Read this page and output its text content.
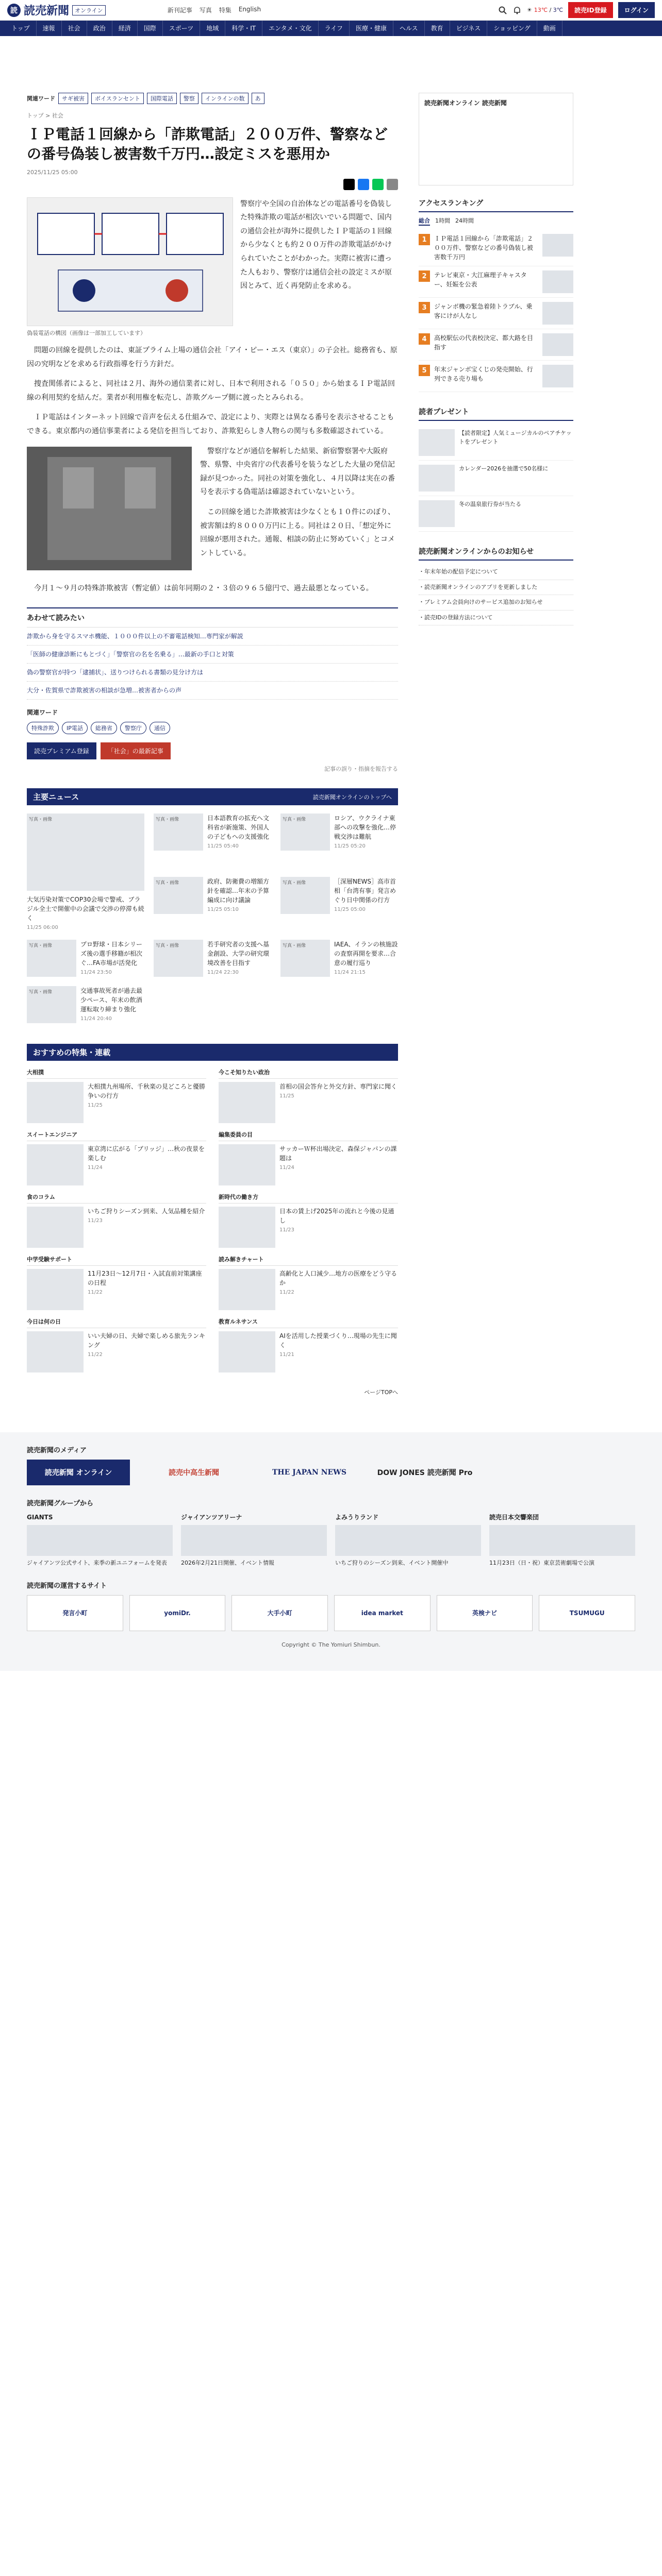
読 読売新聞	オンライン	新刊記事 写真 特集 English	☀ 13℃ / 3℃	読売ID登録	ログイン
トップ	速報	社会	政治	経済	国際	スポーツ	地域	科学・IT	エンタメ・文化	ライフ	医療・健康	ヘルス	教育	ビジネス	ショッピング	動画
関連ワード	サギ被害	ボイスランセント	国際電話	警察	インラインの数	あ
トップ > 社会
ＩＰ電話１回線から「詐欺電話」２００万件、警察などの番号偽装し被害数千万円…設定ミスを悪用か
2025/11/25 05:00
偽装電話の構図（画像は一部加工しています）

警察庁や全国の自治体などの電話番号を偽装した特殊詐欺の電話が相次いでいる問題で、国内の通信会社が海外に提供したＩＰ電話の１回線から少なくとも約２００万件の詐欺電話がかけられていたことがわかった。実際に被害に遭った人もおり、警察庁は通信会社の設定ミスが原因とみて、近く再発防止を求める。

問題の回線を提供したのは、東証プライム上場の通信会社「アイ・ピー・エス（東京）」の子会社。総務省も、原因の究明などを求める行政指導を行う方針だ。

捜査関係者によると、同社は２月、海外の通信業者に対し、日本で利用される「０５０」から始まるＩＰ電話回線の利用契約を結んだ。業者が利用権を転売し、詐欺グループ側に渡ったとみられる。

ＩＰ電話はインターネット回線で音声を伝える仕組みで、設定により、実際とは異なる番号を表示させることもできる。東京都内の通信事業者による発信を担当しており、詐欺犯らしき人物らの関与も多数確認されている。

警察庁などが通信を解析した結果、新宿警察署や大阪府警、県警、中央省庁の代表番号を装うなどした大量の発信記録が見つかった。同社の対策を強化し、４月以降は実在の番号を表示する偽電話は確認されていないという。

この回線を通じた詐欺被害は少なくとも１０件にのぼり、被害額は約８０００万円に上る。同社は２０日、「想定外に回線が悪用された。通報、相談の防止に努めていく」とコメントしている。

今月１～９月の特殊詐欺被害（暫定値）は前年同期の２・３倍の９６５億円で、過去最悪となっている。

あわせて読みたい
詐欺から身を守るスマホ機能、１０００件以上の不審電話検知…専門家が解説
「医師の健康診断にもとづく」「警察官の名を名乗る」…最新の手口と対策
偽の警察官が持つ「逮捕状」、送りつけられる書類の見分け方は
大分・佐賀県で詐欺被害の相談が急増…被害者からの声
関連ワード
特殊詐欺	IP電話	総務省	警察庁	通信
読売プレミアム登録	「社会」の最新記事
記事の誤り・指摘を報告する
主要ニュース	読売新聞オンラインのトップへ
写真・画像
大気汚染対策でCOP30会場で警戒、ブラジル全土で開催中の会議で交渉の停滞も続く
11/25 06:00
写真・画像
日本語教育の拡充へ文科省が新施策、外国人の子どもへの支援強化
11/25 05:40
写真・画像
ロシア、ウクライナ東部への攻撃を強化…停戦交渉は難航
11/25 05:20
写真・画像
政府、防衛費の増額方針を確認…年末の予算編成に向け議論
11/25 05:10
写真・画像
［深層NEWS］高市首相「台湾有事」発言めぐり日中関係の行方
11/25 05:00
写真・画像
プロ野球・日本シリーズ後の選手移籍が相次ぐ…FA市場が活発化
11/24 23:50
写真・画像
若手研究者の支援へ基金創設、大学の研究環境改善を目指す
11/24 22:30
写真・画像
IAEA、イランの核施設の査察再開を要求…合意の履行巡り
11/24 21:15
写真・画像
交通事故死者が過去最少ペース、年末の飲酒運転取り締まり強化
11/24 20:40
おすすめの特集・連載
大相撲
大相撲九州場所、千秋楽の見どころと優勝争いの行方
11/25
今こそ知りたい政治
首相の国会答弁と外交方針、専門家に聞く
11/25
スイートエンジニア
東京湾に広がる「ブリッジ」…秋の夜景を楽しむ
11/24
編集委員の目
サッカーＷ杯出場決定、森保ジャパンの課題は
11/24
食のコラム
いちご狩りシーズン到来、人気品種を紹介
11/23
新時代の働き方
日本の賃上げ2025年の流れと今後の見通し
11/23
中学受験サポート
11月23日〜12月7日・入試直前対策講座の日程
11/22
読み解きチャート
高齢化と人口減少…地方の医療をどう守るか
11/22
今日は何の日
いい夫婦の日、夫婦で楽しめる旅先ランキング
11/22
教育ルネサンス
AIを活用した授業づくり…現場の先生に聞く
11/21
ページTOPへ
読売新聞オンライン 読売新聞
アクセスランキング
総合 1時間 24時間
1	ＩＰ電話１回線から「詐欺電話」２００万件、警察などの番号偽装し被害数千万円
2	テレビ東京・大江麻理子キャスター、妊娠を公表
3	ジャンボ機の緊急着陸トラブル、乗客にけが人なし
4	高校駅伝の代表校決定、都大路を目指す
5	年末ジャンボ宝くじの発売開始、行列できる売り場も
読者プレゼント
【読者限定】人気ミュージカルのペアチケットをプレゼント
カレンダー2026を抽選で50名様に
冬の温泉旅行券が当たる
読売新聞オンラインからのお知らせ
・ 年末年始の配信予定について
・ 読売新聞オンラインのアプリを更新しました
・ プレミアム会員向けのサービス追加のお知らせ
・ 読売IDの登録方法について
読売新聞のメディア
読売新聞 オンライン	読売中高生新聞	THE JAPAN NEWS	DOW JONES 読売新聞 Pro
読売新聞グループから
GIANTS
ジャイアンツ公式サイト、来季の新ユニフォームを発表
ジャイアンツアリーナ
2026年2月21日開催、イベント情報
よみうりランド
いちご狩りのシーズン到来、イベント開催中
読売日本交響楽団
11月23日（日・祝）東京芸術劇場で公演
読売新聞の運営するサイト
発言小町	yomiDr.	大手小町	idea market	英検ナビ	TSUMUGU
Copyright © The Yomiuri Shimbun.
